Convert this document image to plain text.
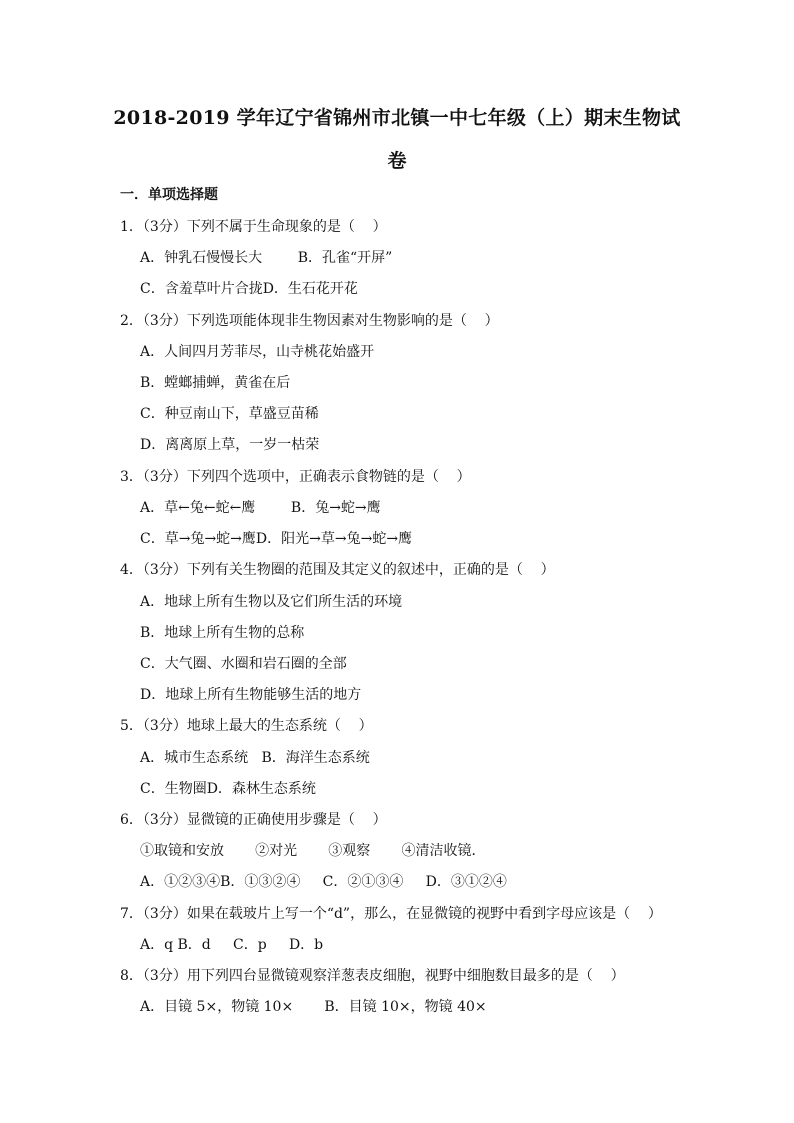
2018-2019 学年辽宁省锦州市北镇一中七年级（上）期末生物试
卷
一．单项选择题
1．（3分）下列不属于生命现象的是（    ）
A．钟乳石慢慢长大        B．孔雀“开屏”
C．含羞草叶片合拢D．生石花开花
2．（3分）下列选项能体现非生物因素对生物影响的是（    ）
A．人间四月芳菲尽，山寺桃花始盛开
B．螳螂捕蝉，黄雀在后
C．种豆南山下，草盛豆苗稀
D．离离原上草，一岁一枯荣
3．（3分）下列四个选项中，正确表示食物链的是（    ）
A．草←兔←蛇←鹰        B．兔→蛇→鹰
C．草→兔→蛇→鹰D．阳光→草→兔→蛇→鹰
4．（3分）下列有关生物圈的范围及其定义的叙述中，正确的是（    ）
A．地球上所有生物以及它们所生活的环境
B．地球上所有生物的总称
C．大气圈、水圈和岩石圈的全部
D．地球上所有生物能够生活的地方
5．（3分）地球上最大的生态系统（    ）
A．城市生态系统   B．海洋生态系统
C．生物圈D．森林生态系统
6．（3分）显微镜的正确使用步骤是（    ）
①取镜和安放       ②对光       ③观察       ④清洁收镜．
A．①②③④B．①③②④     C．②①③④     D．③①②④
7．（3分）如果在载玻片上写一个“d”，那么，在显微镜的视野中看到字母应该是（    ）
A．q B．d     C．p     D．b
8．（3分）用下列四台显微镜观察洋葱表皮细胞，视野中细胞数目最多的是（    ）
A．目镜 5×，物镜 10×       B．目镜 10×，物镜 40×
